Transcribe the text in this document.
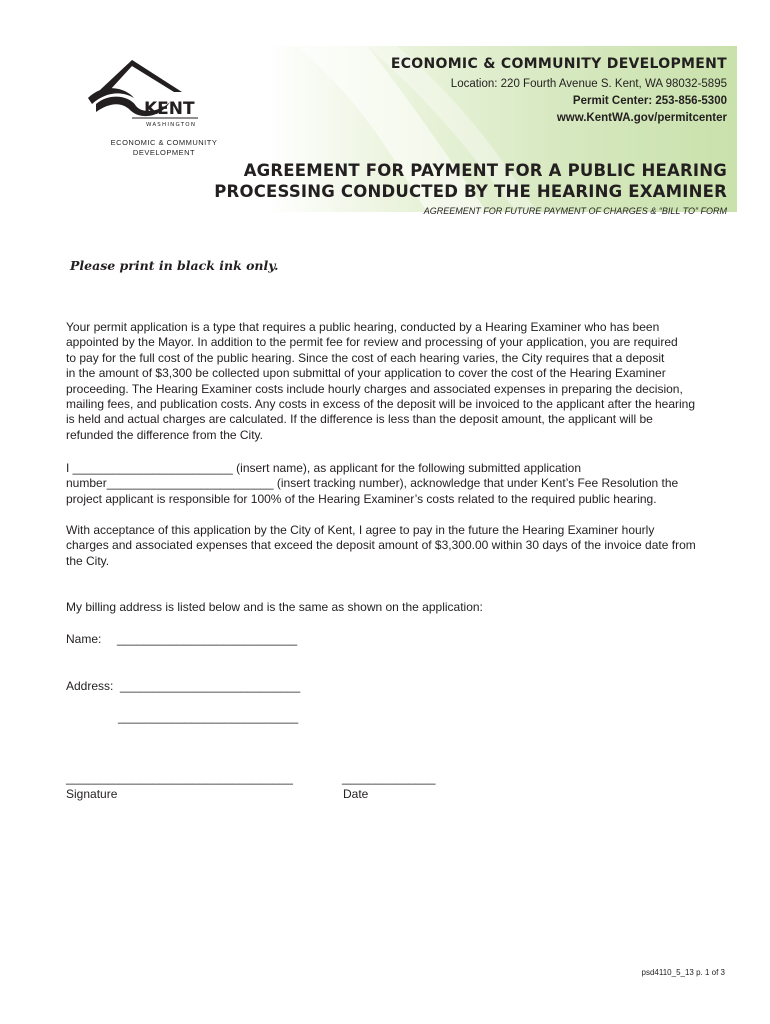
KENT
WASHINGTON
ECONOMIC & COMMUNITY
DEVELOPMENT
ECONOMIC & COMMUNITY DEVELOPMENT
Location: 220 Fourth Avenue S. Kent, WA 98032-5895
Permit Center: 253-856-5300
www.KentWA.gov/permitcenter
AGREEMENT FOR PAYMENT FOR A PUBLIC HEARING
PROCESSING CONDUCTED BY THE HEARING EXAMINER
AGREEMENT FOR FUTURE PAYMENT OF CHARGES & “BILL TO” FORM
Please print in black ink only.
Your permit application is a type that requires a public hearing, conducted by a Hearing Examiner who has been
appointed by the Mayor. In addition to the permit fee for review and processing of your application, you are required
to pay for the full cost of the public hearing. Since the cost of each hearing varies, the City requires that a deposit
in the amount of $3,300 be collected upon submittal of your application to cover the cost of the Hearing Examiner
proceeding. The Hearing Examiner costs include hourly charges and associated expenses in preparing the decision,
mailing fees, and publication costs. Any costs in excess of the deposit will be invoiced to the applicant after the hearing
is held and actual charges are calculated. If the difference is less than the deposit amount, the applicant will be
refunded the difference from the City.
I ________________________ (insert name), as applicant for the following submitted application
number_________________________ (insert tracking number), acknowledge that under Kent’s Fee Resolution the
project applicant is responsible for 100% of the Hearing Examiner’s costs related to the required public hearing.
With acceptance of this application by the City of Kent, I agree to pay in the future the Hearing Examiner hourly
charges and associated expenses that exceed the deposit amount of $3,300.00 within 30 days of the invoice date from
the City.
My billing address is listed below and is the same as shown on the application:
Name: ___________________________
Address: ___________________________
___________________________
__________________________________
Signature
______________
Date
psd4110_5_13 p. 1 of 3
